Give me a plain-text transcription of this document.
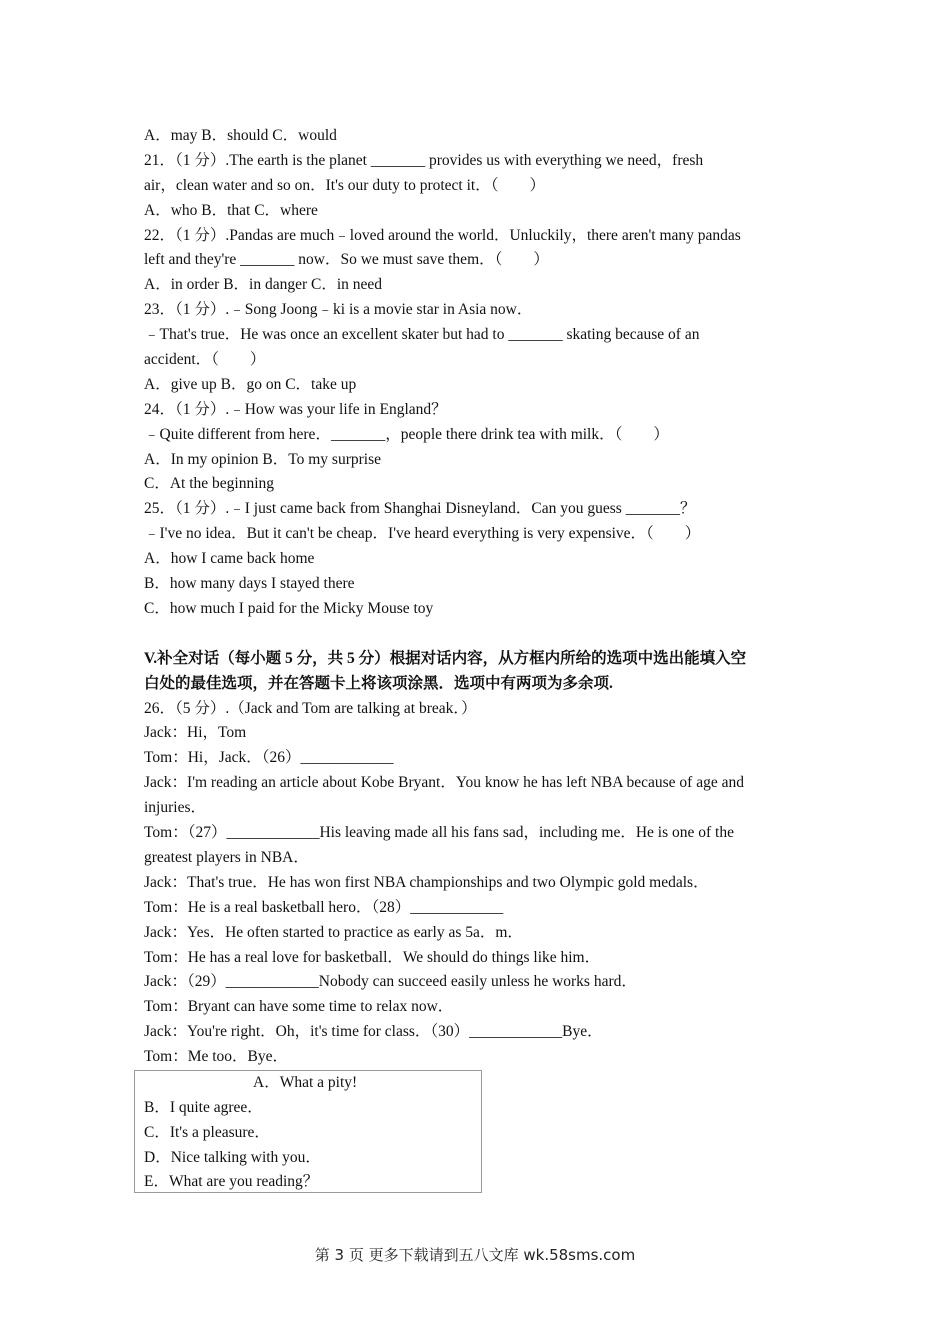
A．may B．should C．would
21．（1 分）.The earth is the planet _______ provides us with everything we need，fresh
air，clean water and so on．It's our duty to protect it．（　　）
A．who B．that C．where
22．（1 分）.Pandas are much﹣loved around the world．Unluckily，there aren't many pandas
left and they're _______ now．So we must save them．（　　）
A．in order B．in danger C．in need
23．（1 分）.﹣Song Joong﹣ki is a movie star in Asia now．
﹣That's true．He was once an excellent skater but had to _______ skating because of an
accident．（　　）
A．give up B．go on C．take up
24．（1 分）.﹣How was your life in England？
﹣Quite different from here．_______，people there drink tea with milk．（　　）
A．In my opinion B．To my surprise
C．At the beginning
25．（1 分）.﹣I just came back from Shanghai Disneyland．Can you guess _______？
﹣I've no idea．But it can't be cheap．I've heard everything is very expensive．（　　）
A．how I came back home
B．how many days I stayed there
C．how much I paid for the Micky Mouse toy
V.补全对话（每小题 5 分，共 5 分）根据对话内容，从方框内所给的选项中选出能填入空
白处的最佳选项，并在答题卡上将该项涂黑．选项中有两项为多余项.
26．（5 分）.（Jack and Tom are talking at break．）
Jack：Hi，Tom
Tom：Hi，Jack．（26）____________
Jack：I'm reading an article about Kobe Bryant．You know he has left NBA because of age and
injuries．
Tom：（27）____________His leaving made all his fans sad，including me．He is one of the
greatest players in NBA．
Jack：That's true．He has won first NBA championships and two Olympic gold medals．
Tom：He is a real basketball hero．（28）____________
Jack：Yes．He often started to practice as early as 5a．m．
Tom：He has a real love for basketball．We should do things like him．
Jack：（29）____________Nobody can succeed easily unless he works hard．
Tom：Bryant can have some time to relax now．
Jack：You're right．Oh，it's time for class．（30）____________Bye．
Tom：Me too．Bye．
A．What a pity!
B．I quite agree．
C．It's a pleasure．
D．Nice talking with you．
E．What are you reading？
第 3 页 更多下载请到五八文库 wk.58sms.com
